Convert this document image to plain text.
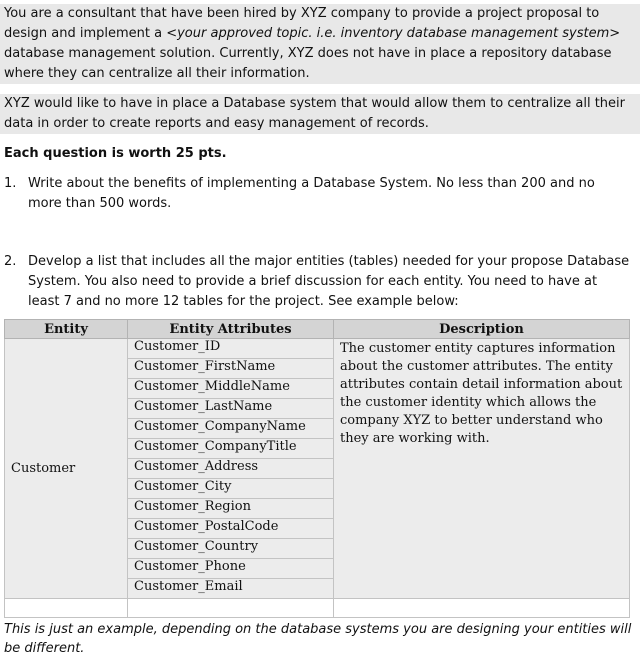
You are a consultant that have been hired by XYZ company to provide a project proposal to design and implement a <your approved topic. i.e. inventory database management system> database management solution. Currently, XYZ does not have in place a repository database where they can centralize all their information.
XYZ would like to have in place a Database system that would allow them to centralize all their data in order to create reports and easy management of records.
Each question is worth 25 pts.
1. Write about the benefits of implementing a Database System. No less than 200 and no more than 500 words.
2. Develop a list that includes all the major entities (tables) needed for your propose Database System. You also need to provide a brief discussion for each entity. You need to have at least 7 and no more 12 tables for the project. See example below:
Entity	Entity Attributes	Description
Customer	Customer_ID	The customer entity captures information about the customer attributes. The entity attributes contain detail information about the customer identity which allows the company XYZ to better understand who they are working with.
	Customer_FirstName	
	Customer_MiddleName	
	Customer_LastName	
	Customer_CompanyName	
	Customer_CompanyTitle	
	Customer_Address	
	Customer_City	
	Customer_Region	
	Customer_PostalCode	
	Customer_Country	
	Customer_Phone	
	Customer_Email	

This is just an example, depending on the database systems you are designing your entities will be different.
